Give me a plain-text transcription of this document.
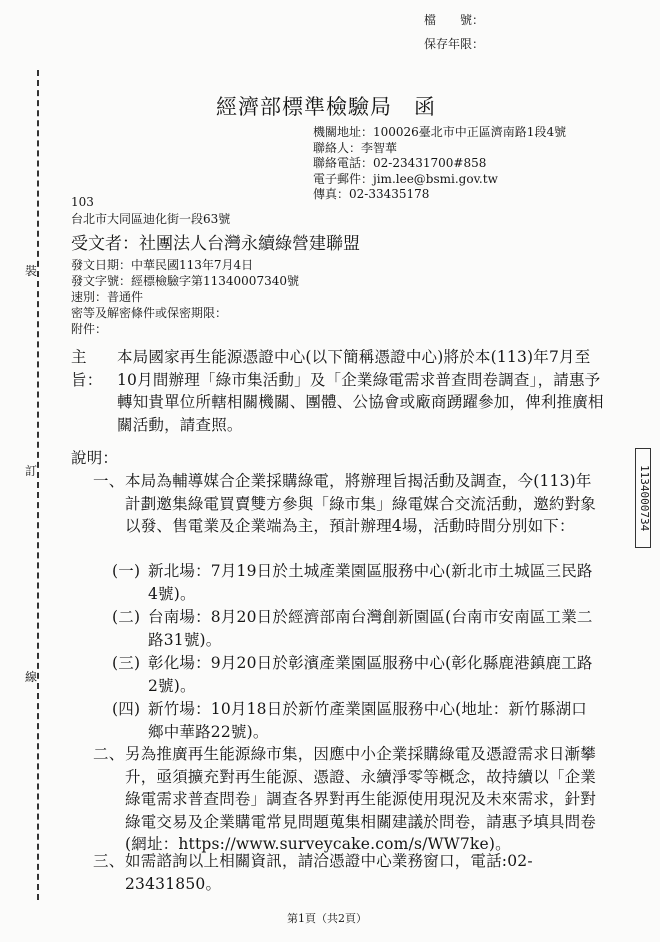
裝
訂
線
檔　　號：
保存年限：
經濟部標準檢驗局　函
機關地址：100026臺北市中正區濟南路1段4號
聯絡人：李智華
聯絡電話：02-23431700#858
電子郵件：jim.lee@bsmi.gov.tw
傳真：02-33435178
103
台北市大同區迪化街一段63號
受文者：社團法人台灣永續綠營建聯盟
發文日期：中華民國113年7月4日
發文字號：經標檢驗字第11340007340號
速別：普通件
密等及解密條件或保密期限：
附件：
主旨：
本局國家再生能源憑證中心(以下簡稱憑證中心)將於本(113)年7月至10月間辦理「綠市集活動」及「企業綠電需求普查問卷調查」，請惠予轉知貴單位所轄相關機關、團體、公協會或廠商踴躍參加，俾利推廣相關活動，請查照。
說明：
一、 本局為輔導媒合企業採購綠電，將辦理旨揭活動及調查，今(113)年計劃邀集綠電買賣雙方參與「綠市集」綠電媒合交流活動，邀約對象以發、售電業及企業端為主，預計辦理4場，活動時間分別如下：
(一) 新北場：7月19日於土城產業園區服務中心(新北市土城區三民路4號)。
(二) 台南場：8月20日於經濟部南台灣創新園區(台南市安南區工業二路31號)。
(三) 彰化場：9月20日於彰濱產業園區服務中心(彰化縣鹿港鎮鹿工路2號)。
(四) 新竹場：10月18日於新竹產業園區服務中心(地址：新竹縣湖口鄉中華路22號)。
二、 另為推廣再生能源綠市集，因應中小企業採購綠電及憑證需求日漸攀升，亟須擴充對再生能源、憑證、永續淨零等概念，故持續以「企業綠電需求普查問卷」調查各界對再生能源使用現況及未來需求，針對綠電交易及企業購電常見問題蒐集相關建議於問卷，請惠予填具問卷(網址：https://www.surveycake.com/s/WW7ke)。
三、 如需諮詢以上相關資訊，請洽憑證中心業務窗口，電話:02-23431850。
1134000734
第1頁（共2頁）
